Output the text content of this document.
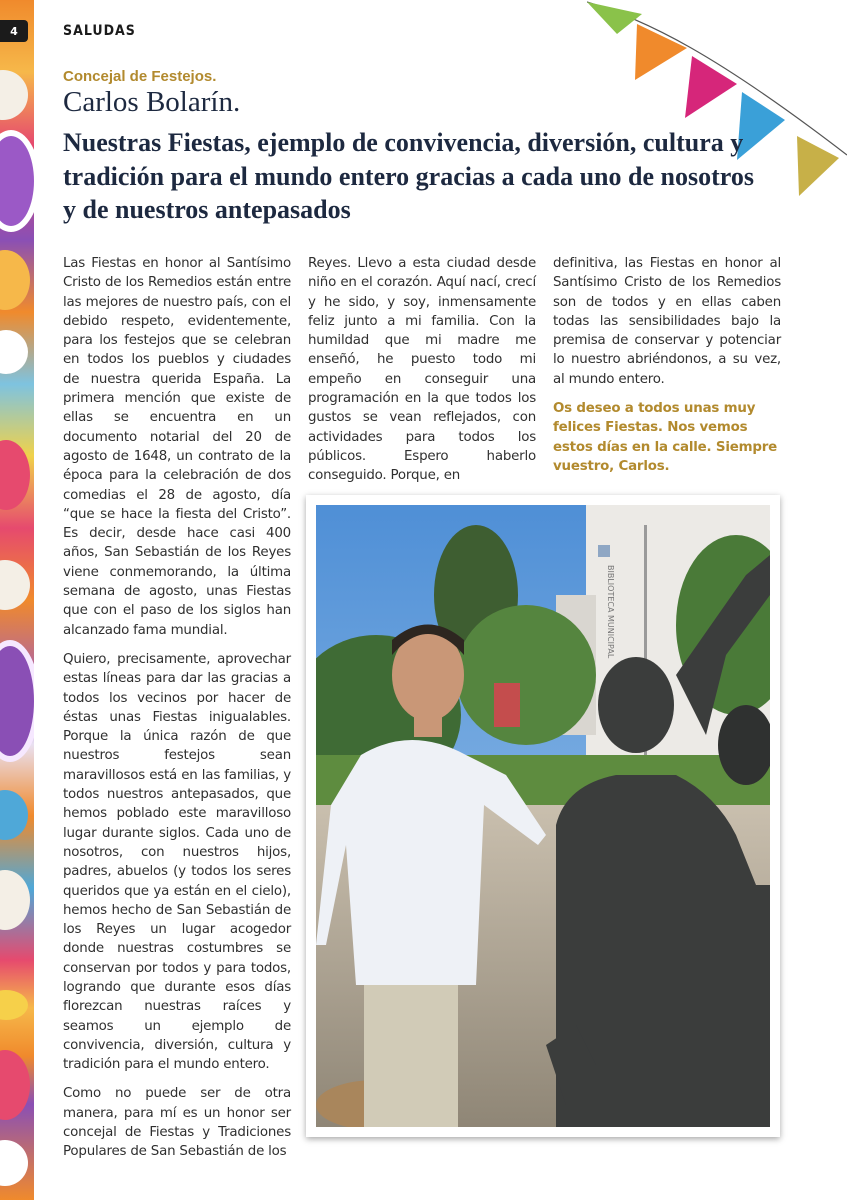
4	SALUDAS
Concejal de Festejos.
Carlos Bolarín.
Nuestras Fiestas, ejemplo de convivencia, diversión, cultura y tradición para el mundo entero gracias a cada uno de nosotros y de nuestros antepasados

Las Fiestas en honor al Santísimo Cristo de los Remedios están entre las mejores de nuestro país, con el debido respeto, evidentemente, para los festejos que se celebran en todos los pueblos y ciudades de nuestra querida España. La primera mención que existe de ellas se encuentra en un documento notarial del 20 de agosto de 1648, un contrato de la época para la celebración de dos comedias el 28 de agosto, día “que se hace la fiesta del Cristo”. Es decir, desde hace casi 400 años, San Sebastián de los Reyes viene conmemorando, la última semana de agosto, unas Fiestas que con el paso de los siglos han alcanzado fama mundial.

Quiero, precisamente, aprovechar estas líneas para dar las gracias a todos los vecinos por hacer de éstas unas Fiestas inigualables. Porque la única razón de que nuestros festejos sean maravillosos está en las familias, y todos nuestros antepasados, que hemos poblado este maravilloso lugar durante siglos. Cada uno de nosotros, con nuestros hijos, padres, abuelos (y todos los seres queridos que ya están en el cielo), hemos hecho de San Sebastián de los Reyes un lugar acogedor donde nuestras costumbres se conservan por todos y para todos, logrando que durante esos días florezcan nuestras raíces y seamos un ejemplo de convivencia, diversión, cultura y tradición para el mundo entero.

Como no puede ser de otra manera, para mí es un honor ser concejal de Fiestas y Tradiciones Populares de San Sebastián de los

Reyes. Llevo a esta ciudad desde niño en el corazón. Aquí nací, crecí y he sido, y soy, inmensamente feliz junto a mi familia. Con la humildad que mi madre me enseñó, he puesto todo mi empeño en conseguir una programación en la que todos los gustos se vean reflejados, con actividades para todos los públicos. Espero haberlo conseguido. Porque, en

definitiva, las Fiestas en honor al Santísimo Cristo de los Remedios son de todos y en ellas caben todas las sensibilidades bajo la premisa de conservar y potenciar lo nuestro abriéndonos, a su vez, al mundo entero.

Os deseo a todos unas muy felices Fiestas. Nos vemos estos días en la calle. Siempre vuestro, Carlos.

BIBLIOTECA MUNICIPAL
